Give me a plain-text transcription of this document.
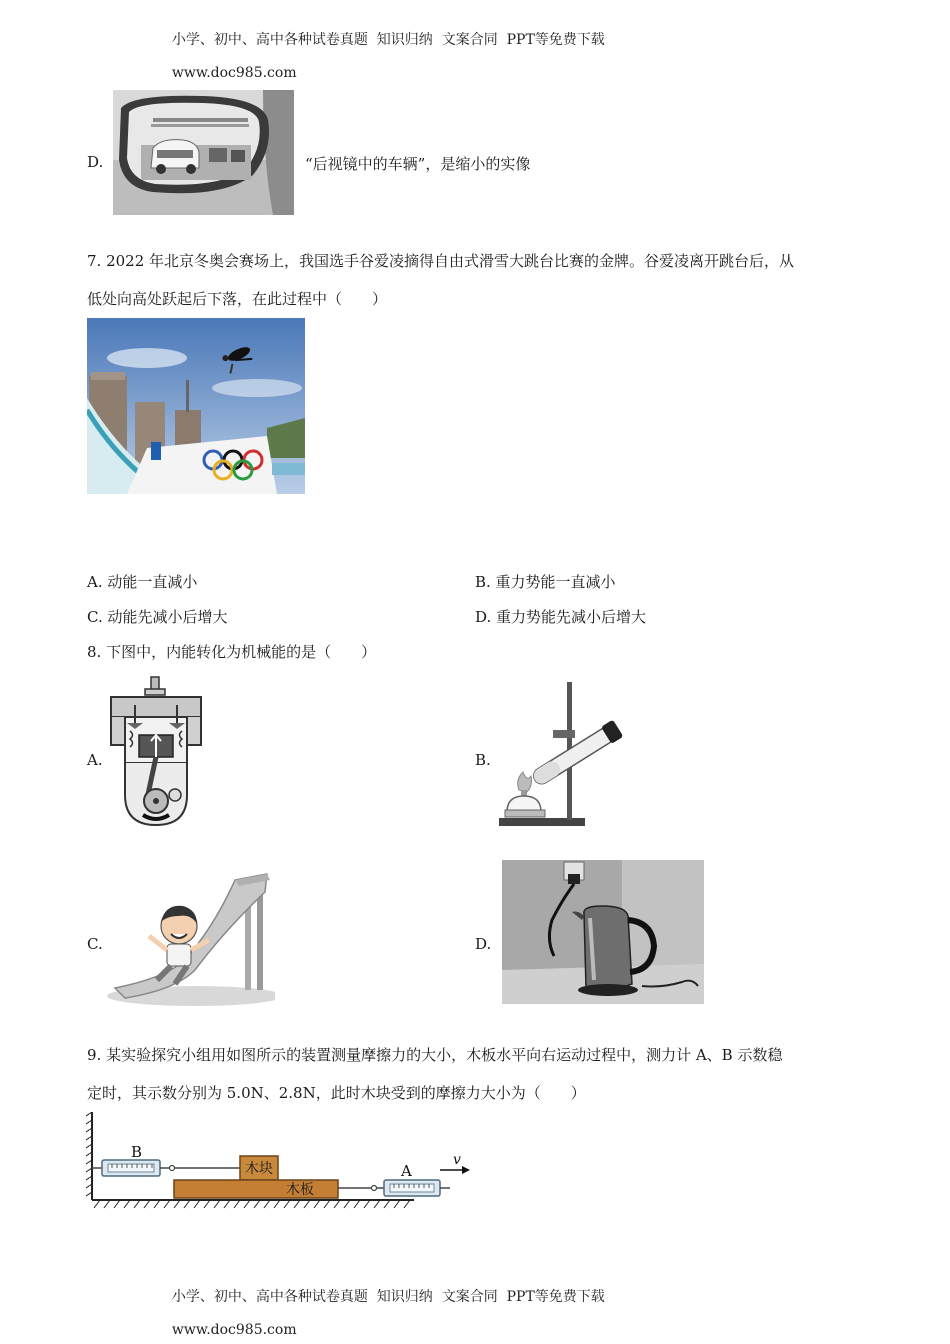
小学、初中、高中各种试卷真题  知识归纳  文案合同  PPT等免费下载

www.doc985.com

D.	“后视镜中的车辆”，是缩小的实像
7. 2022 年北京冬奥会赛场上，我国选手谷爱凌摘得自由式滑雪大跳台比赛的金牌。谷爱凌离开跳台后，从
低处向高处跃起后下落，在此过程中（　　）
A. 动能一直减小	B. 重力势能一直减小
C. 动能先减小后增大	D. 重力势能先减小后增大
8. 下图中，内能转化为机械能的是（　　）
A.	B.
C.	D.
9. 某实验探究小组用如图所示的装置测量摩擦力的大小，木板水平向右运动过程中，测力计 A、B 示数稳
定时，其示数分别为 5.0N、2.8N，此时木块受到的摩擦力大小为（　　）
B
木块
木板
A
v

小学、初中、高中各种试卷真题  知识归纳  文案合同  PPT等免费下载

www.doc985.com
